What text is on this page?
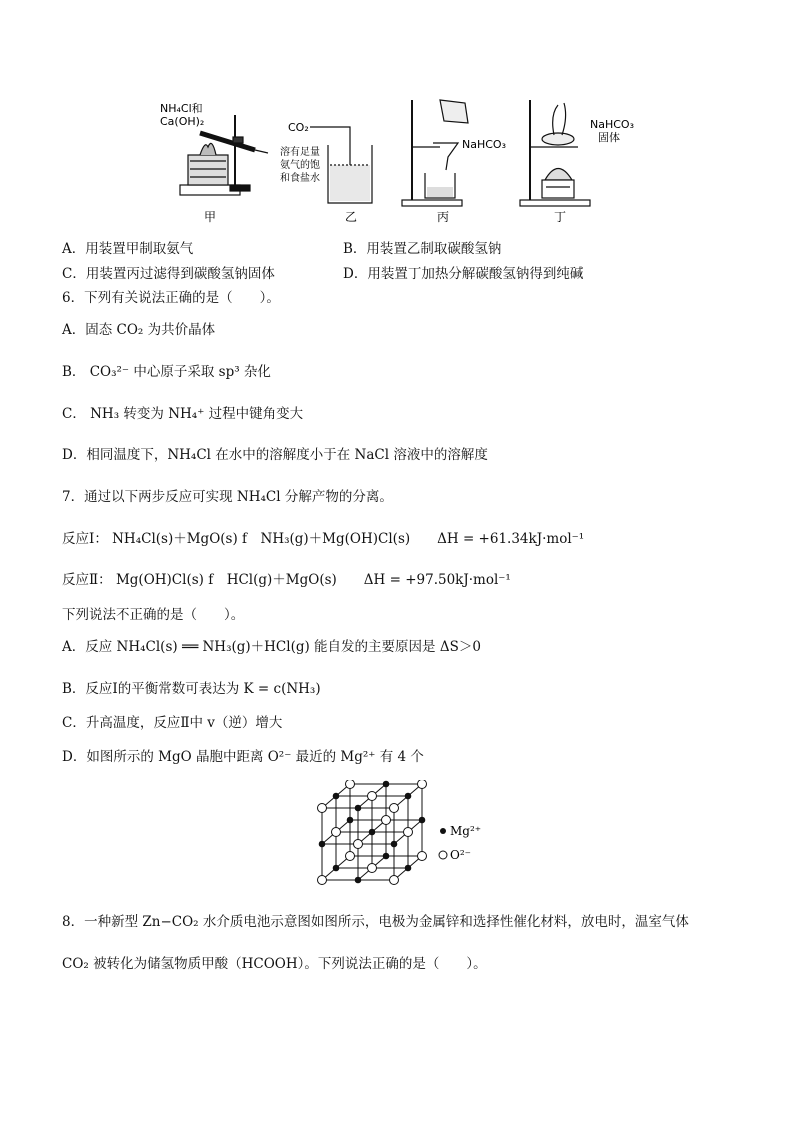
NH₄Cl和
Ca(OH)₂
甲
CO₂
溶有足量
氨气的饱
和食盐水
乙
NaHCO₃
丙
NaHCO₃
固体
丁
A．用装置甲制取氨气	B．用装置乙制取碳酸氢钠
C．用装置丙过滤得到碳酸氢钠固体	D．用装置丁加热分解碳酸氢钠得到纯碱
6．下列有关说法正确的是（　　）。
A．固态 CO₂ 为共价晶体
B． CO₃²⁻ 中心原子采取 sp³ 杂化
C． NH₃ 转变为 NH₄⁺ 过程中键角变大
D．相同温度下，NH₄Cl 在水中的溶解度小于在 NaCl 溶液中的溶解度
7．通过以下两步反应可实现 NH₄Cl 分解产物的分离。
反应Ⅰ： NH₄Cl(s)＋MgO(s) f NH₃(g)＋Mg(OH)Cl(s)  ΔH = +61.34kJ·mol⁻¹
反应Ⅱ： Mg(OH)Cl(s) f HCl(g)＋MgO(s)  ΔH = +97.50kJ·mol⁻¹
下列说法不正确的是（　　）。
A．反应 NH₄Cl(s) ══ NH₃(g)＋HCl(g) 能自发的主要原因是 ΔS＞0
B．反应Ⅰ的平衡常数可表达为 K = c(NH₃)
C．升高温度，反应Ⅱ中 v（逆）增大
D．如图所示的 MgO 晶胞中距离 O²⁻ 最近的 Mg²⁺ 有 4 个
Mg²⁺
O²⁻
8．一种新型 Zn−CO₂ 水介质电池示意图如图所示，电极为金属锌和选择性催化材料，放电时，温室气体
CO₂ 被转化为储氢物质甲酸（HCOOH）。下列说法正确的是（　　）。
